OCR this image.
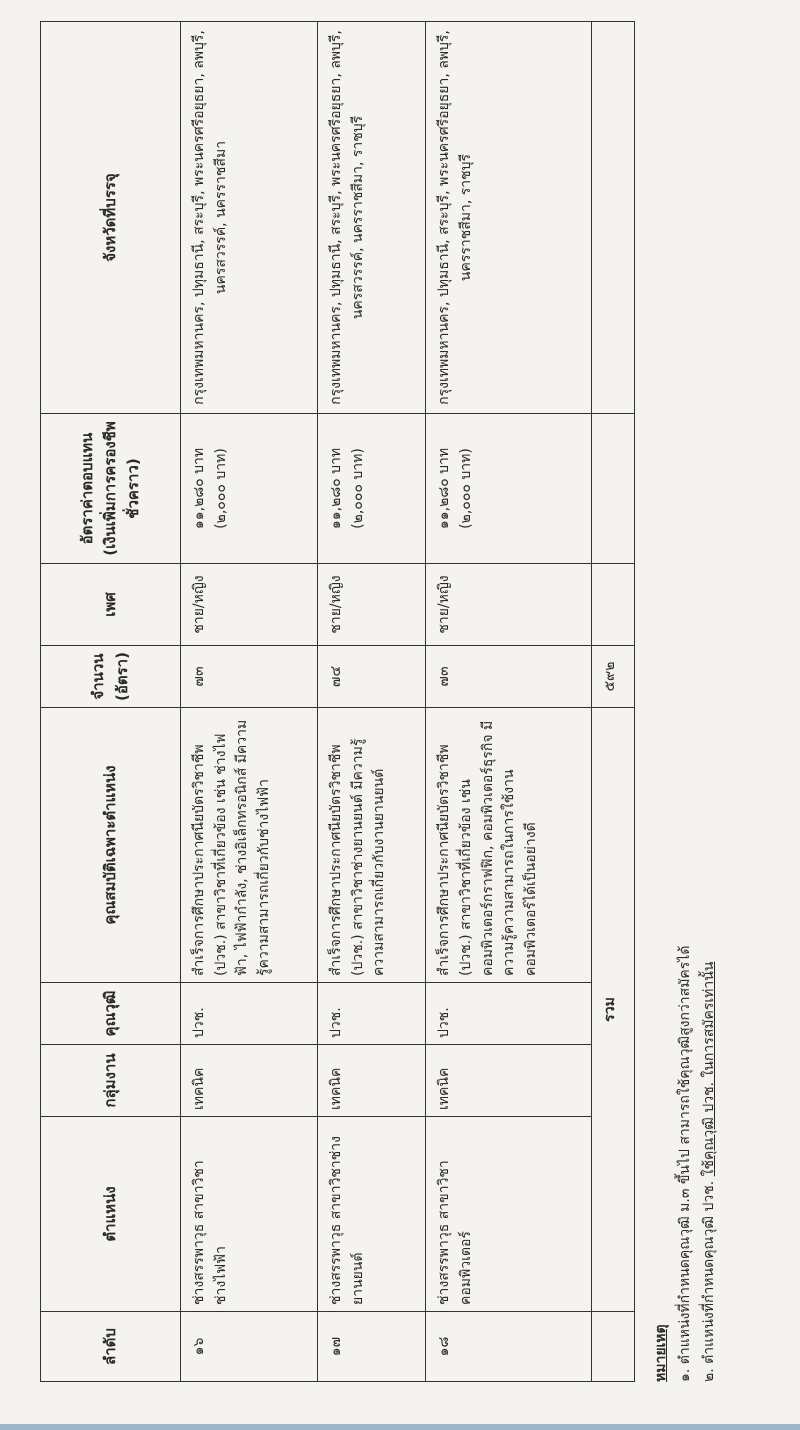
ลำดับ	ตำแหน่ง	กลุ่มงาน	คุณวุฒิ	คุณสมบัติเฉพาะตำแหน่ง	จำนวน (อัตรา)	เพศ	อัตราค่าตอบแทน (เงินเพิ่มการครองชีพชั่วคราว)	จังหวัดที่บรรจุ
๑๖	ช่างสรรพาวุธ สาขาวิชาช่างไฟฟ้า	เทคนิค	ปวช.	สำเร็จการศึกษาประกาศนียบัตรวิชาชีพ (ปวช.) สาขาวิชาที่เกี่ยวข้อง เช่น ช่างไฟฟ้า, ไฟฟ้ากำลัง, ช่างอิเล็กทรอนิกส์ มีความรู้ความสามารถเกี่ยวกับช่างไฟฟ้า	๗๓	ชาย/หญิง	๑๑,๒๘๐ บาท (๒,๐๐๐ บาท)	กรุงเทพมหานคร, ปทุมธานี, สระบุรี, พระนครศรีอยุธยา, ลพบุรี, นครสวรรค์, นครราชสีมา
๑๗	ช่างสรรพาวุธ สาขาวิชาช่างยานยนต์	เทคนิค	ปวช.	สำเร็จการศึกษาประกาศนียบัตรวิชาชีพ (ปวช.) สาขาวิชาช่างยานยนต์ มีความรู้ความสามารถเกี่ยวกับงานยานยนต์	๗๔	ชาย/หญิง	๑๑,๒๘๐ บาท (๒,๐๐๐ บาท)	กรุงเทพมหานคร, ปทุมธานี, สระบุรี, พระนครศรีอยุธยา, ลพบุรี, นครสวรรค์, นครราชสีมา, ราชบุรี
๑๘	ช่างสรรพาวุธ สาขาวิชาคอมพิวเตอร์	เทคนิค	ปวช.	สำเร็จการศึกษาประกาศนียบัตรวิชาชีพ (ปวช.) สาขาวิชาที่เกี่ยวข้อง เช่น คอมพิวเตอร์กราฟฟิก, คอมพิวเตอร์ธุรกิจ มีความรู้ความสามารถในการใช้งานคอมพิวเตอร์ได้เป็นอย่างดี	๗๓	ชาย/หญิง	๑๑,๒๘๐ บาท (๒,๐๐๐ บาท)	กรุงเทพมหานคร, ปทุมธานี, สระบุรี, พระนครศรีอยุธยา, ลพบุรี, นครราชสีมา, ราชบุรี
	รวม				๕๙๒			
หมายเหตุ ๑. ตำแหน่งที่กำหนดคุณวุฒิ ม.๓ ขึ้นไป สามารถใช้คุณวุฒิสูงกว่าสมัครได้ ๒. ตำแหน่งที่กำหนดคุณวุฒิ ปวช. ใช้คุณวุฒิ ปวช. ในการสมัครเท่านั้น
